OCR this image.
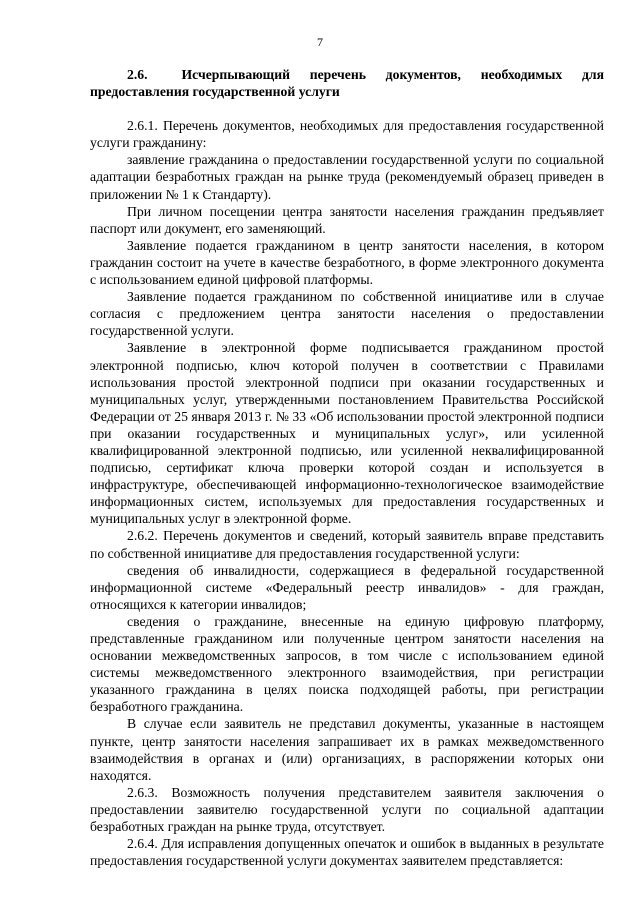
7

2.6. Исчерпывающий перечень документов, необходимых для предоставления государственной услуги

2.6.1. Перечень документов, необходимых для предоставления государственной услуги гражданину:

заявление гражданина о предоставлении государственной услуги по социальной адаптации безработных граждан на рынке труда (рекомендуемый образец приведен в приложении № 1 к Стандарту).

При личном посещении центра занятости населения гражданин предъявляет паспорт или документ, его заменяющий.

Заявление подается гражданином в центр занятости населения, в котором гражданин состоит на учете в качестве безработного, в форме электронного документа с использованием единой цифровой платформы.

Заявление подается гражданином по собственной инициативе или в случае согласия с предложением центра занятости населения о предоставлении государственной услуги.

Заявление в электронной форме подписывается гражданином простой электронной подписью, ключ которой получен в соответствии с Правилами использования простой электронной подписи при оказании государственных и муниципальных услуг, утвержденными постановлением Правительства Российской Федерации от 25 января 2013 г. № 33 «Об использовании простой электронной подписи при оказании государственных и муниципальных услуг», или усиленной квалифицированной электронной подписью, или усиленной неквалифицированной подписью, сертификат ключа проверки которой создан и используется в инфраструктуре, обеспечивающей информационно-технологическое взаимодействие информационных систем, используемых для предоставления государственных и муниципальных услуг в электронной форме.

2.6.2. Перечень документов и сведений, который заявитель вправе представить по собственной инициативе для предоставления государственной услуги:

сведения об инвалидности, содержащиеся в федеральной государственной информационной системе «Федеральный реестр инвалидов» - для граждан, относящихся к категории инвалидов;

сведения о гражданине, внесенные на единую цифровую платформу, представленные гражданином или полученные центром занятости населения на основании межведомственных запросов, в том числе с использованием единой системы межведомственного электронного взаимодействия, при регистрации указанного гражданина в целях поиска подходящей работы, при регистрации безработного гражданина.

В случае если заявитель не представил документы, указанные в настоящем пункте, центр занятости населения запрашивает их в рамках межведомственного взаимодействия в органах и (или) организациях, в распоряжении которых они находятся.

2.6.3. Возможность получения представителем заявителя заключения о предоставлении заявителю государственной услуги по социальной адаптации безработных граждан на рынке труда, отсутствует.

2.6.4. Для исправления допущенных опечаток и ошибок в выданных в результате предоставления государственной услуги документах заявителем представляется:
